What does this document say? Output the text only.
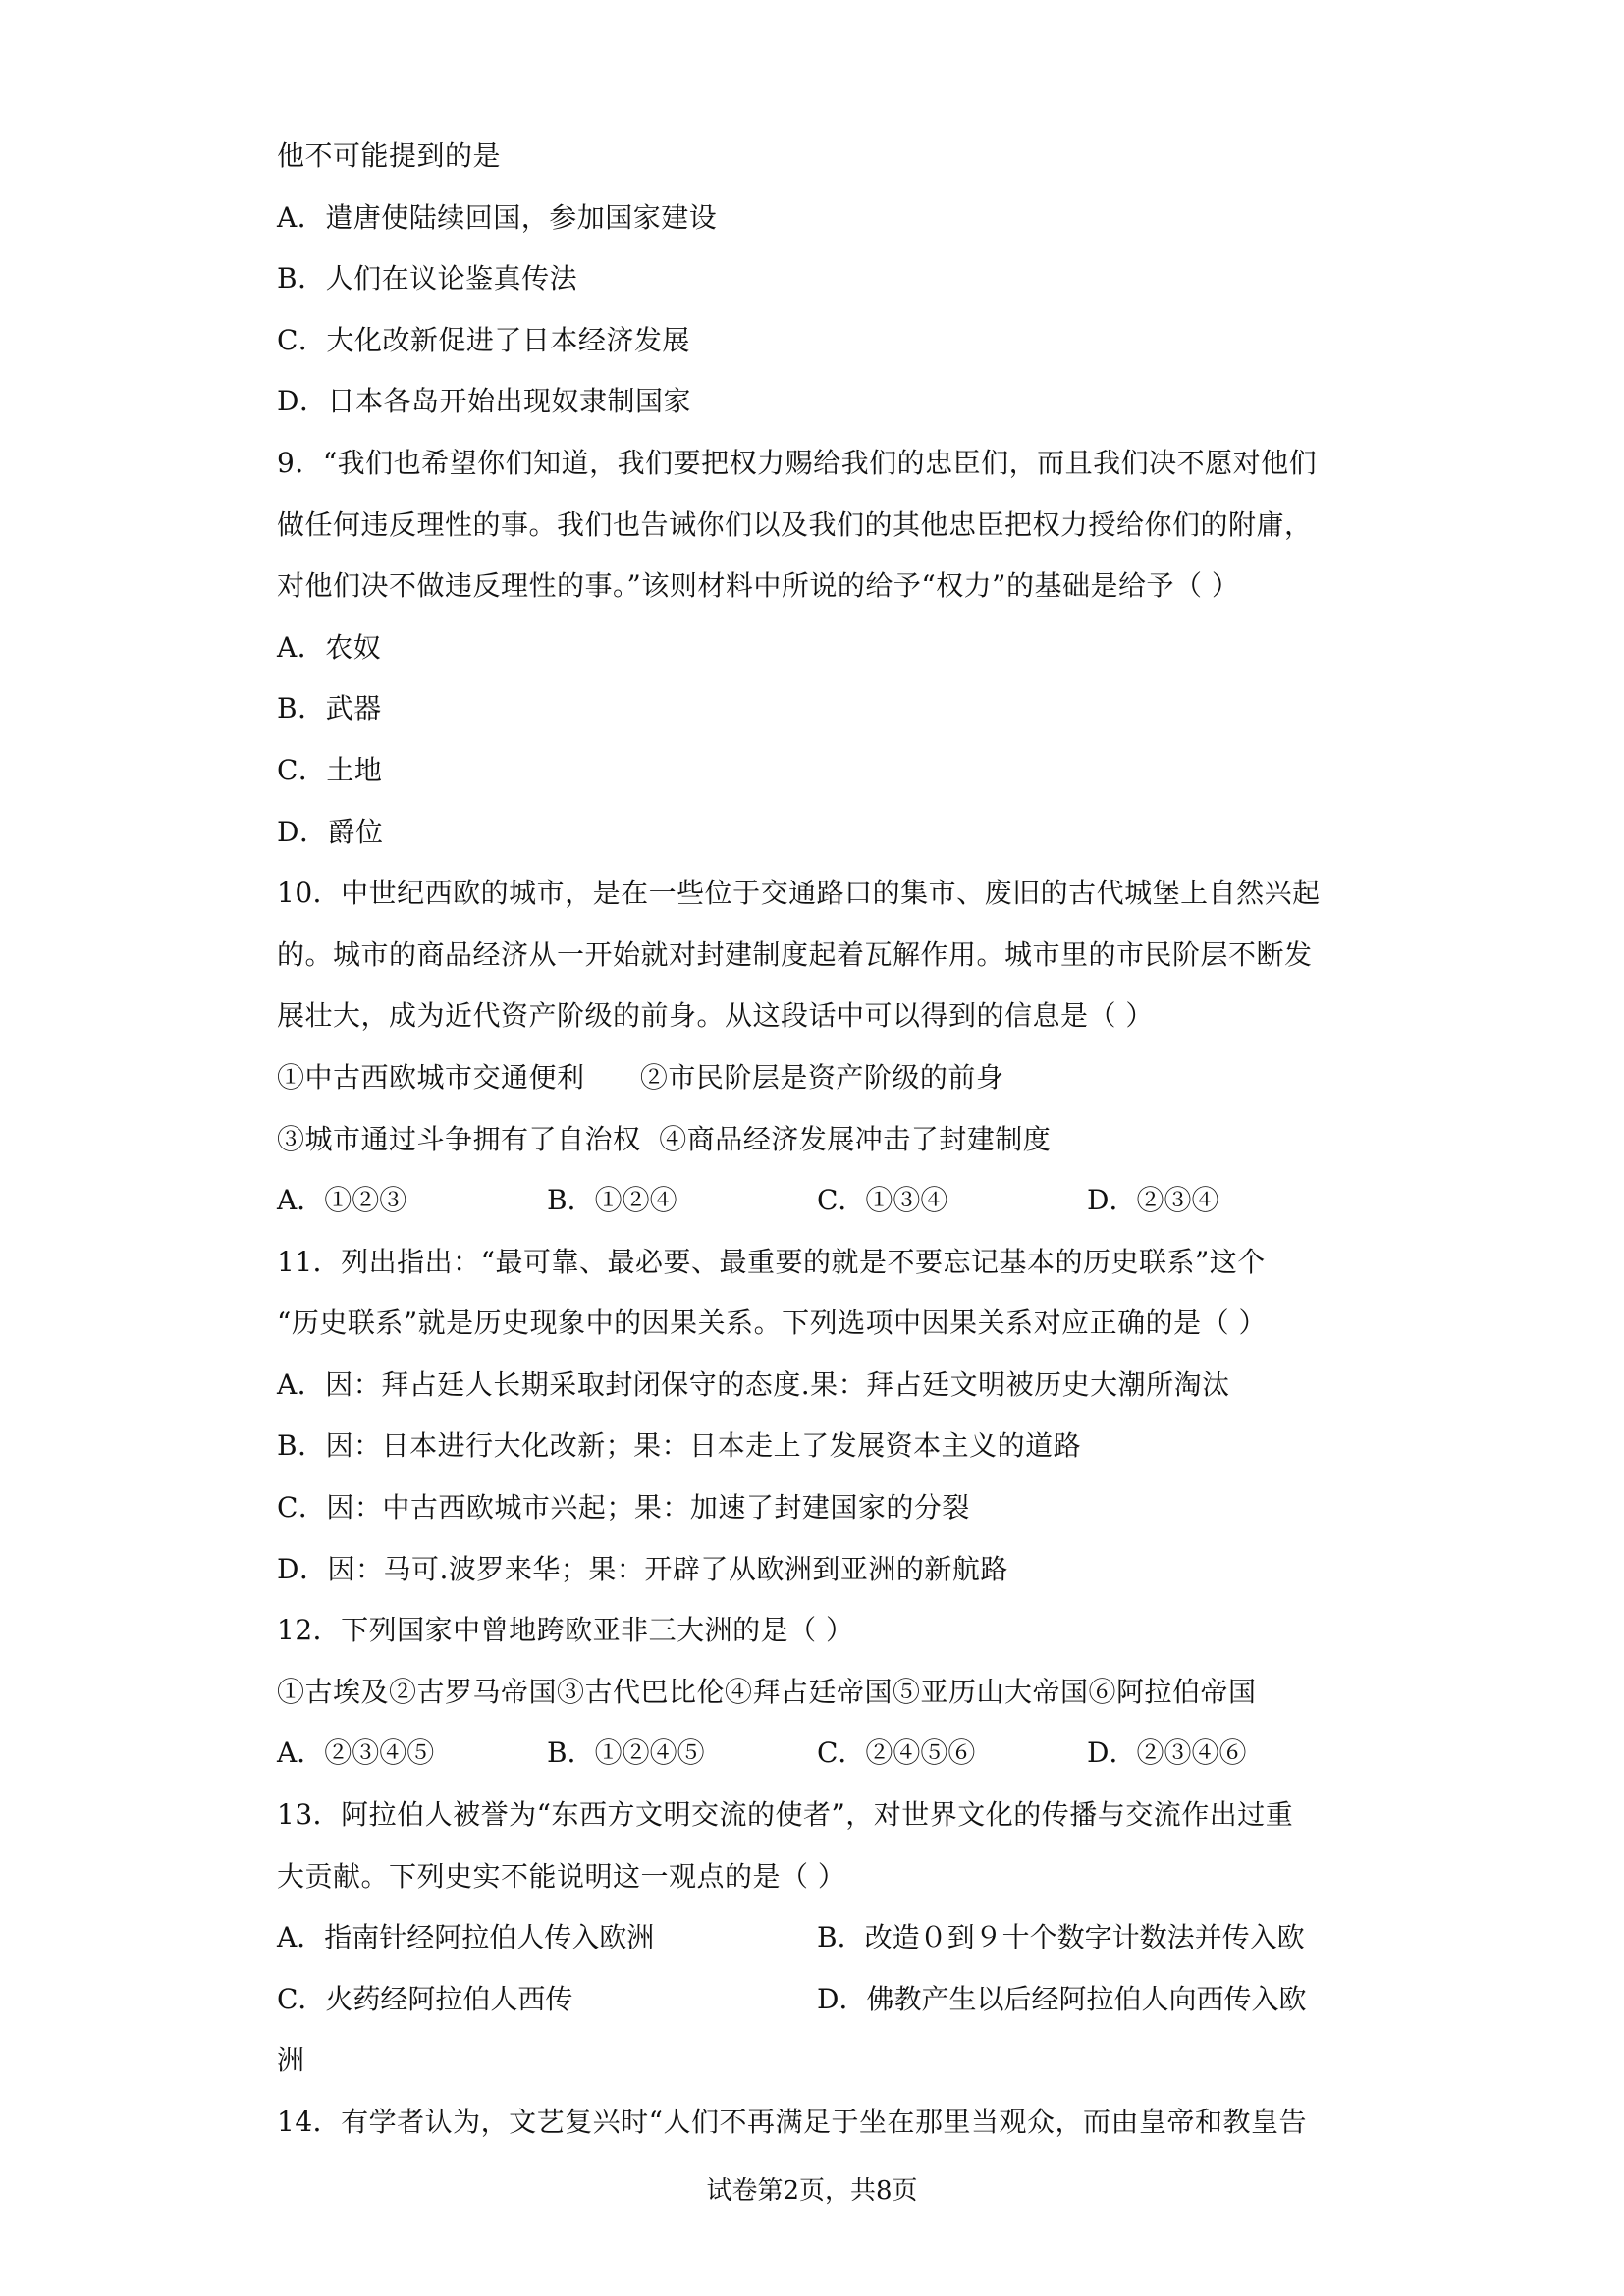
他不可能提到的是
A．遣唐使陆续回国，参加国家建设
B．人们在议论鉴真传法
C．大化改新促进了日本经济发展
D．日本各岛开始出现奴隶制国家
9．“我们也希望你们知道，我们要把权力赐给我们的忠臣们，而且我们决不愿对他们
做任何违反理性的事。我们也告诫你们以及我们的其他忠臣把权力授给你们的附庸，
对他们决不做违反理性的事。”该则材料中所说的给予“权力”的基础是给予（ ）
A．农奴
B．武器
C．土地
D．爵位
10．中世纪西欧的城市，是在一些位于交通路口的集市、废旧的古代城堡上自然兴起
的。城市的商品经济从一开始就对封建制度起着瓦解作用。城市里的市民阶层不断发
展壮大，成为近代资产阶级的前身。从这段话中可以得到的信息是（ ）
①中古西欧城市交通便利      ②市民阶层是资产阶级的前身
③城市通过斗争拥有了自治权  ④商品经济发展冲击了封建制度
A．①②③	B．①②④	C．①③④	D．②③④
11．列出指出：“最可靠、最必要、最重要的就是不要忘记基本的历史联系”这个
“历史联系”就是历史现象中的因果关系。下列选项中因果关系对应正确的是（ ）
A．因：拜占廷人长期采取封闭保守的态度.果：拜占廷文明被历史大潮所淘汰
B．因：日本进行大化改新；果：日本走上了发展资本主义的道路
C．因：中古西欧城市兴起；果：加速了封建国家的分裂
D．因：马可.波罗来华；果：开辟了从欧洲到亚洲的新航路
12．下列国家中曾地跨欧亚非三大洲的是（ ）
①古埃及②古罗马帝国③古代巴比伦④拜占廷帝国⑤亚历山大帝国⑥阿拉伯帝国
A．②③④⑤	B．①②④⑤	C．②④⑤⑥	D．②③④⑥
13．阿拉伯人被誉为“东西方文明交流的使者”，对世界文化的传播与交流作出过重
大贡献。下列史实不能说明这一观点的是（ ）
A．指南针经阿拉伯人传入欧洲	B．改造０到９十个数字计数法并传入欧
C．火药经阿拉伯人西传	D．佛教产生以后经阿拉伯人向西传入欧
洲
14．有学者认为，文艺复兴时“人们不再满足于坐在那里当观众，而由皇帝和教皇告
试卷第2页，共8页
